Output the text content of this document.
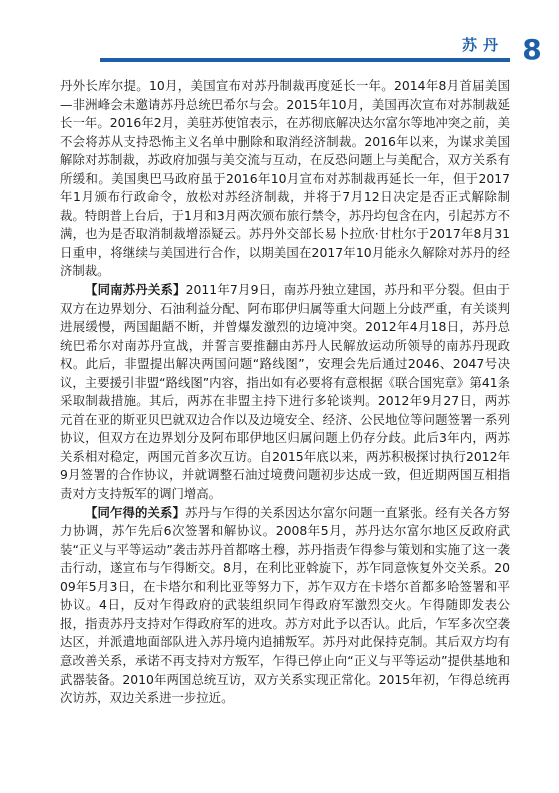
苏丹 8

丹外长库尔提。10月，美国宣布对苏丹制裁再度延长一年。2014年8月首届美国—非洲峰会未邀请苏丹总统巴希尔与会。2015年10月，美国再次宣布对苏制裁延长一年。2016年2月，美驻苏使馆表示，在苏彻底解决达尔富尔等地冲突之前，美不会将苏从支持恐怖主义名单中删除和取消经济制裁。2016年以来，为谋求美国解除对苏制裁，苏政府加强与美交流与互动，在反恐问题上与美配合，双方关系有所缓和。美国奥巴马政府虽于2016年10月宣布对苏制裁再延长一年，但于2017年1月颁布行政命令，放松对苏经济制裁，并将于7月12日决定是否正式解除制裁。特朗普上台后，于1月和3月两次颁布旅行禁令，苏丹均包含在内，引起苏方不满，也为是否取消制裁增添疑云。苏丹外交部长易卜拉欣·甘杜尔于2017年8月31日重申，将继续与美国进行合作，以期美国在2017年10月能永久解除对苏丹的经济制裁。

【同南苏丹关系】2011年7月9日，南苏丹独立建国，苏丹和平分裂。但由于双方在边界划分、石油利益分配、阿布耶伊归属等重大问题上分歧严重，有关谈判进展缓慢，两国龃龉不断，并曾爆发激烈的边境冲突。2012年4月18日，苏丹总统巴希尔对南苏丹宣战，并誓言要推翻由苏丹人民解放运动所领导的南苏丹现政权。此后，非盟提出解决两国问题“路线图”，安理会先后通过2046、2047号决议，主要援引非盟“路线图”内容，指出如有必要将有意根据《联合国宪章》第41条采取制裁措施。其后，两苏在非盟主持下进行多轮谈判。2012年9月27日，两苏元首在亚的斯亚贝巴就双边合作以及边境安全、经济、公民地位等问题签署一系列协议，但双方在边界划分及阿布耶伊地区归属问题上仍存分歧。此后3年内，两苏关系相对稳定，两国元首多次互访。自2015年底以来，两苏积极探讨执行2012年9月签署的合作协议，并就调整石油过境费问题初步达成一致，但近期两国互相指责对方支持叛军的调门增高。

【同乍得的关系】苏丹与乍得的关系因达尔富尔问题一直紧张。经有关各方努力协调，苏乍先后6次签署和解协议。2008年5月，苏丹达尔富尔地区反政府武装“正义与平等运动”袭击苏丹首都喀土穆，苏丹指责乍得参与策划和实施了这一袭击行动，遂宣布与乍得断交。8月，在利比亚斡旋下，苏乍同意恢复外交关系。2009年5月3日，在卡塔尔和利比亚等努力下，苏乍双方在卡塔尔首都多哈签署和平协议。4日，反对乍得政府的武装组织同乍得政府军激烈交火。乍得随即发表公报，指责苏丹支持对乍得政府军的进攻。苏方对此予以否认。此后，乍军多次空袭达区，并派遣地面部队进入苏丹境内追捕叛军。苏丹对此保持克制。其后双方均有意改善关系，承诺不再支持对方叛军，乍得已停止向“正义与平等运动”提供基地和武器装备。2010年两国总统互访，双方关系实现正常化。2015年初，乍得总统再次访苏，双边关系进一步拉近。
